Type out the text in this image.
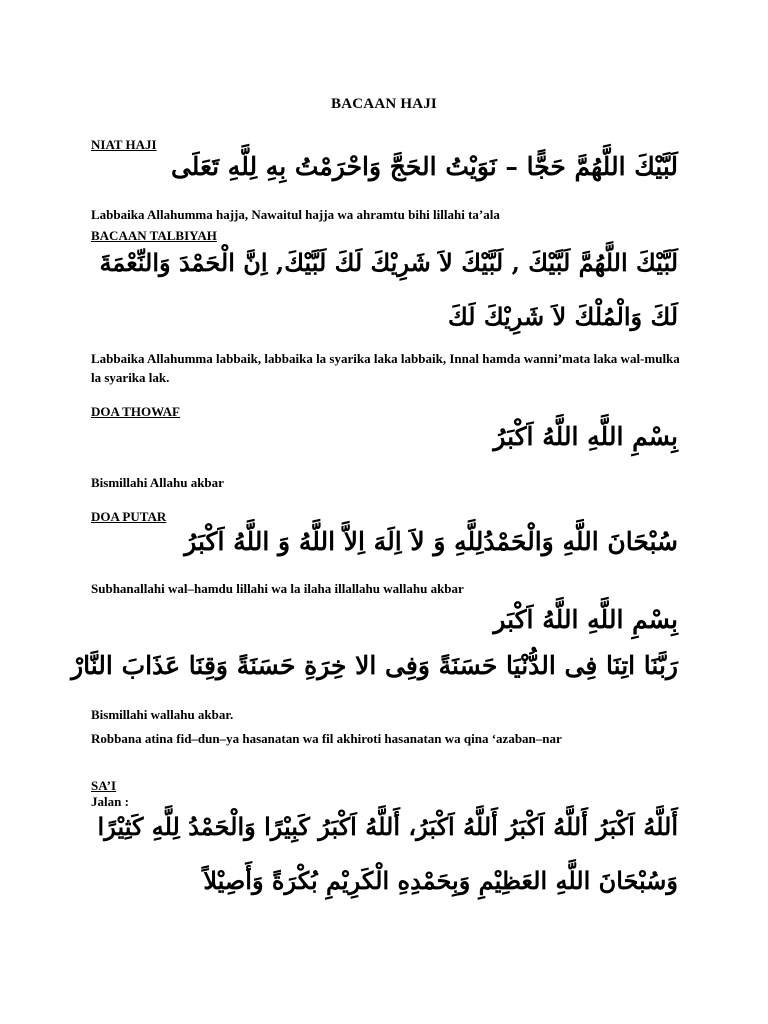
BACAAN HAJI
NIAT HAJI
لَبَّيْكَ اللَّهُمَّ حَجًّا – نَوَيْتُ الحَجَّ وَاحْرَمْتُ بِهِ لِلَّهِ تَعَلَى
Labbaika Allahumma hajja, Nawaitul hajja wa ahramtu bihi lillahi ta’ala
BACAAN TALBIYAH
لَبَّيْكَ اللَّهُمَّ لَبَّيْكَ , لَبَّيْكَ لاَ شَرِيْكَ لَكَ لَبَّيْكَ, اِنَّ الْحَمْدَ وَالنِّعْمَةَ
لَكَ وَالْمُلْكَ لاَ شَرِيْكَ لَكَ
Labbaika Allahumma labbaik, labbaika la syarika laka labbaik, Innal hamda wanni’mata laka wal-mulka la syarika lak.
DOA THOWAF
بِسْمِ اللَّهِ اللَّهُ اَكْبَرُ
Bismillahi Allahu akbar
DOA PUTAR
سُبْحَانَ اللَّهِ وَالْحَمْدُلِلَّهِ وَ لاَ اِلَهَ اِلاَّ اللَّهُ وَ اللَّهُ اَكْبَرُ
Subhanallahi wal–hamdu lillahi wa la ilaha illallahu wallahu akbar
بِسْمِ اللَّهِ اللَّهُ اَكْبَر
رَبَّنَا اتِنَا فِى الدُّنْيَا حَسَنَةً وَفِى الا خِرَةِ حَسَنَةً وَقِنَا عَذَابَ النَّارْ
Bismillahi wallahu akbar.
Robbana atina fid–dun–ya hasanatan wa fil akhiroti hasanatan wa qina ‘azaban–nar
SA’I
Jalan :
أَللَّهُ اَكْبَرُ أَللَّهُ اَكْبَرُ أَللَّهُ اَكْبَرُ، أَللَّهُ اَكْبَرُ كَبِيْرًا وَالْحَمْدُ لِلَّهِ كَثِيْرًا
وَسُبْحَانَ اللَّهِ العَظِيْمِ وَبِحَمْدِهِ الْكَرِيْمِ بُكْرَةً وَأَصِيْلاً
